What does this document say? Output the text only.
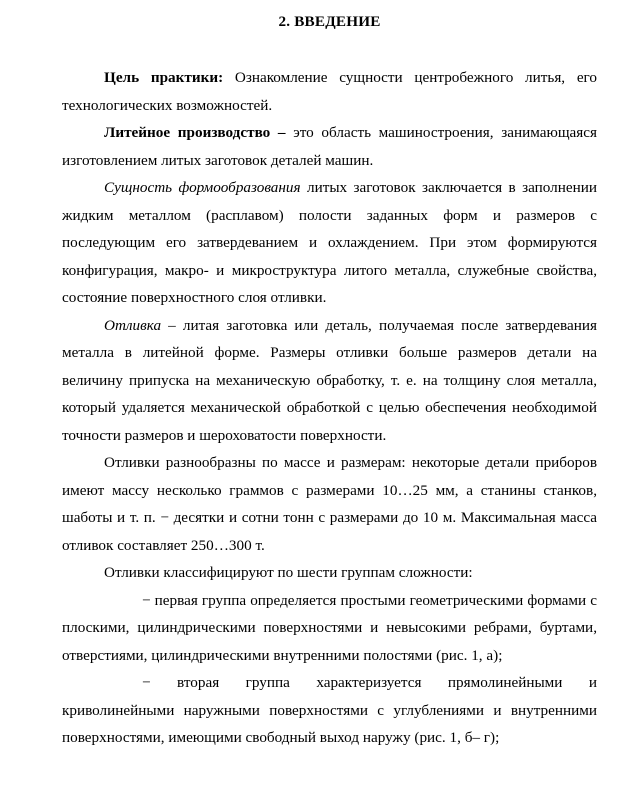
2. ВВЕДЕНИЕ

Цель практики: Ознакомление сущности центробежного литья, его технологических возможностей.

Литейное производство – это область машиностроения, занимающаяся изготовлением литых заготовок деталей машин.

Сущность формообразования литых заготовок заключается в заполнении жидким металлом (расплавом) полости заданных форм и размеров с последующим его затвердеванием и охлаждением. При этом формируются конфигурация, макро- и микроструктура литого металла, служебные свойства, состояние поверхностного слоя отливки.

Отливка – литая заготовка или деталь, получаемая после затвердевания металла в литейной форме. Размеры отливки больше размеров детали на величину припуска на механическую обработку, т. е. на толщину слоя металла, который удаляется механической обработкой с целью обеспечения необходимой точности размеров и шероховатости поверхности.

Отливки разнообразны по массе и размерам: некоторые детали приборов имеют массу несколько граммов с размерами 10…25 мм, а станины станков, шаботы и т. п. − десятки и сотни тонн с размерами до 10 м. Максимальная масса отливок составляет 250…300 т.

Отливки классифицируют по шести группам сложности:

− первая группа определяется простыми геометрическими формами с плоскими, цилиндрическими поверхностями и невысокими ребрами, буртами, отверстиями, цилиндрическими внутренними полостями (рис. 1, а);

− вторая группа характеризуется прямолинейными и криволинейными наружными поверхностями с углублениями и внутренними поверхностями, имеющими свободный выход наружу (рис. 1, б– г);
